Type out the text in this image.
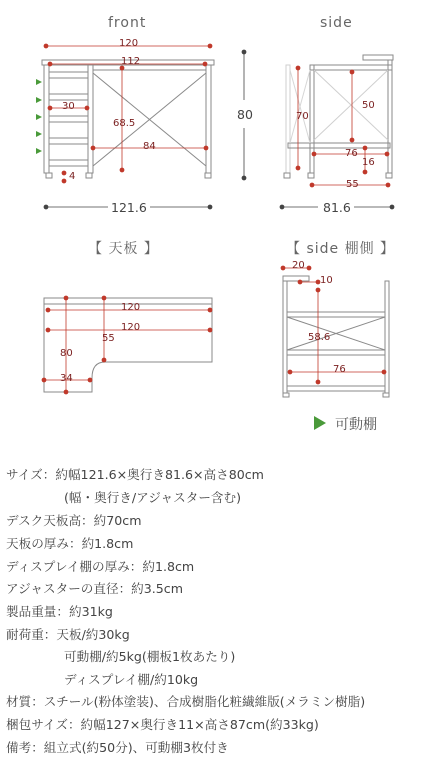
front	side
120
112
30
68.5
84
4
80
121.6
70
50
76
16
55
81.6
【 天板 】	【 side 棚側 】
120
120
55
80
34
20
10
58.6
76
可動棚
サイズ：約幅121.6×奥行き81.6×高さ80cm
(幅・奥行き/アジャスター含む)
デスク天板高：約70cm
天板の厚み：約1.8cm
ディスプレイ棚の厚み：約1.8cm
アジャスターの直径：約3.5cm
製品重量：約31kg
耐荷重：天板/約30kg
可動棚/約5kg(棚板1枚あたり)
ディスプレイ棚/約10kg
材質：スチール(粉体塗装)、合成樹脂化粧繊維版(メラミン樹脂)
梱包サイズ：約幅127×奥行き11×高さ87cm(約33kg)
備考：組立式(約50分)、可動棚3枚付き
